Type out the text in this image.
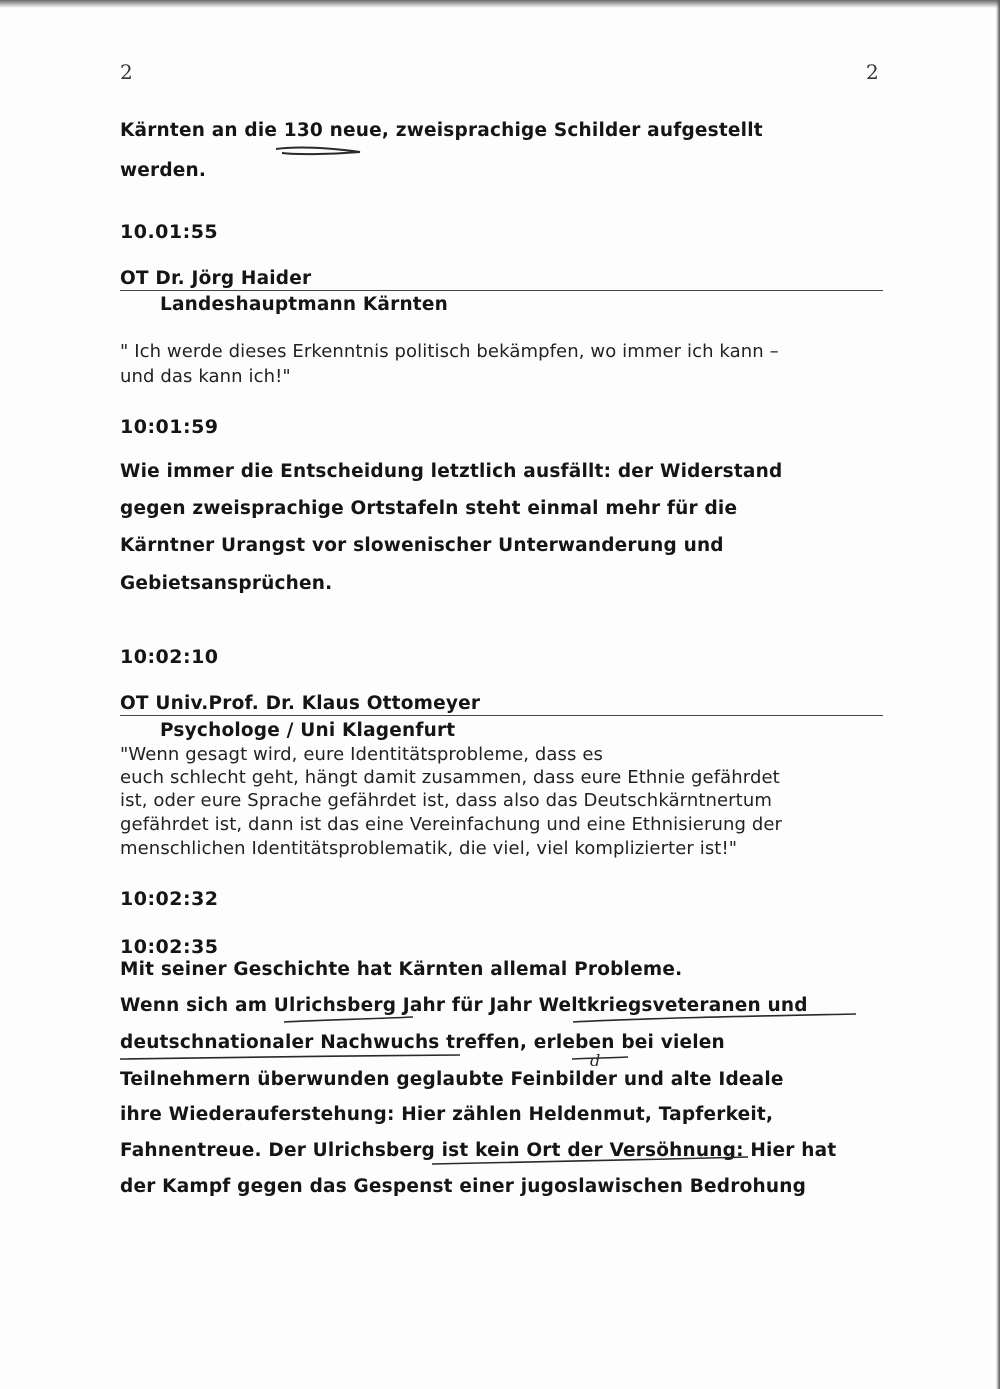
2	2
Kärnten an die 130 neue, zweisprachige Schilder aufgestellt
werden.
10.01:55
OT Dr. Jörg Haider
Landeshauptmann Kärnten
" Ich werde dieses Erkenntnis politisch bekämpfen, wo immer ich kann –
und das kann ich!"
10:01:59
Wie immer die Entscheidung letztlich ausfällt: der Widerstand
gegen zweisprachige Ortstafeln steht einmal mehr für die
Kärntner Urangst vor slowenischer Unterwanderung und
Gebietsansprüchen.
10:02:10
OT Univ.Prof. Dr. Klaus Ottomeyer
Psychologe / Uni Klagenfurt
"Wenn gesagt wird, eure Identitätsprobleme, dass es
euch schlecht geht, hängt damit zusammen, dass eure Ethnie gefährdet
ist, oder eure Sprache gefährdet ist, dass also das Deutschkärntnertum
gefährdet ist, dann ist das eine Vereinfachung und eine Ethnisierung der
menschlichen Identitätsproblematik, die viel, viel komplizierter ist!"
10:02:32
10:02:35
Mit seiner Geschichte hat Kärnten allemal Probleme.
Wenn sich am Ulrichsberg Jahr für Jahr Weltkriegsveteranen und
deutschnationaler Nachwuchs treffen, erleben bei vielen
Teilnehmern überwunden geglaubte Feinbilder und alte Ideale
ihre Wiederauferstehung: Hier zählen Heldenmut, Tapferkeit,
Fahnentreue. Der Ulrichsberg ist kein Ort der Versöhnung: Hier hat
der Kampf gegen das Gespenst einer jugoslawischen Bedrohung
d
